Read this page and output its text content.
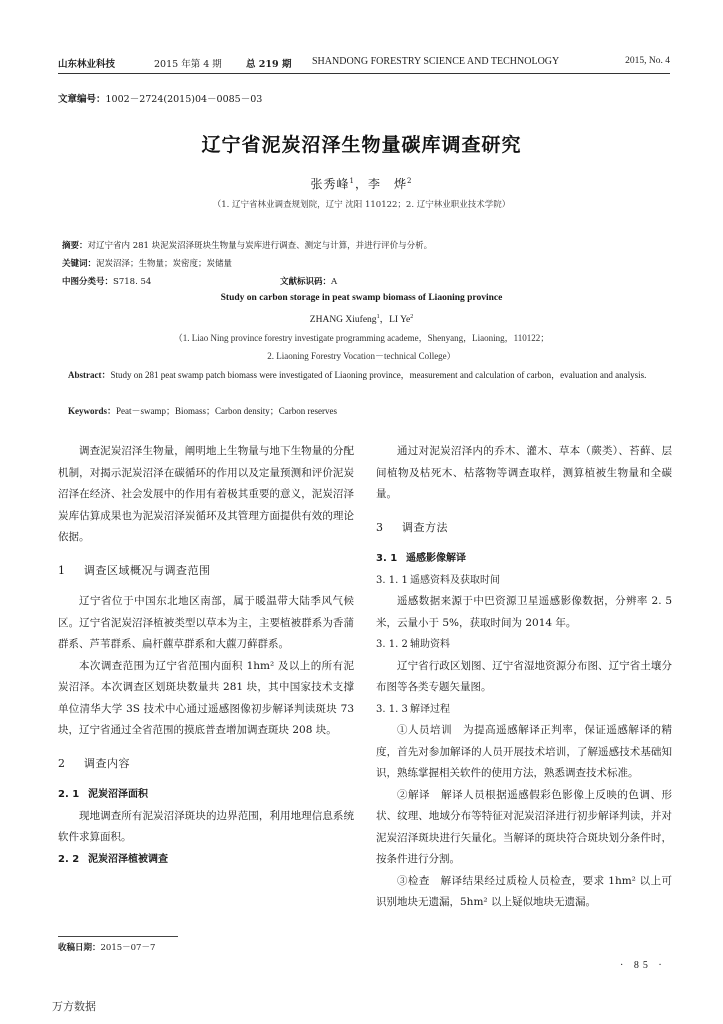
山东林业科技	2015 年第 4 期	总 219 期 SHANDONG FORESTRY SCIENCE AND TECHNOLOGY	2015, No. 4
文章编号：1002－2724(2015)04－0085－03
辽宁省泥炭沼泽生物量碳库调查研究
张秀峰$^1$，李　烨$^2$
（1. 辽宁省林业调查规划院，辽宁 沈阳 110122；2. 辽宁林业职业技术学院）
摘要：对辽宁省内 281 块泥炭沼泽斑块生物量与炭库进行调查、测定与计算，并进行评价与分析。
关键词：泥炭沼泽；生物量；炭密度；炭储量
中图分类号：S718. 54	文献标识码：A
Study on carbon storage in peat swamp biomass of Liaoning province
ZHANG Xiufeng$^1$，LI Ye$^2$
（1. Liao Ning province forestry investigate programming academe，Shenyang，Liaoning，110122；
2. Liaoning Forestry Vocation－technical College）
Abstract：Study on 281 peat swamp patch biomass were investigated of Liaoning province，measurement and calculation of carbon，evaluation and analysis.
Keywords：Peat－swamp；Biomass；Carbon density；Carbon reserves

调查泥炭沼泽生物量，阐明地上生物量与地下生物量的分配机制，对揭示泥炭沼泽在碳循环的作用以及定量预测和评价泥炭沼泽在经济、社会发展中的作用有着极其重要的意义，泥炭沼泽炭库估算成果也为泥炭沼泽炭循环及其管理方面提供有效的理论依据。

1 调查区域概况与调查范围

辽宁省位于中国东北地区南部，属于暖温带大陆季风气候区。辽宁省泥炭沼泽植被类型以草本为主，主要植被群系为香蒲群系、芦苇群系、扁杆藨草群系和大藨刀藓群系。

本次调查范围为辽宁省范围内面积 1hm² 及以上的所有泥炭沼泽。本次调查区划斑块数量共 281 块，其中国家技术支撑单位清华大学 3S 技术中心通过遥感图像初步解译判读斑块 73 块，辽宁省通过全省范围的摸底普查增加调查斑块 208 块。

2 调查内容
2. 1 泥炭沼泽面积

现地调查所有泥炭沼泽斑块的边界范围，利用地理信息系统软件求算面积。

2. 2 泥炭沼泽植被调查

通过对泥炭沼泽内的乔木、灌木、草本（蕨类）、苔藓、层间植物及枯死木、枯落物等调查取样，测算植被生物量和全碳量。

3 调查方法
3. 1 遥感影像解译
3. 1. 1 遥感资料及获取时间

遥感数据来源于中巴资源卫星遥感影像数据，分辨率 2. 5 米，云量小于 5%，获取时间为 2014 年。

3. 1. 2 辅助资料

辽宁省行政区划图、辽宁省湿地资源分布图、辽宁省土壤分布图等各类专题矢量图。

3. 1. 3 解译过程

①人员培训　为提高遥感解译正判率，保证遥感解译的精度，首先对参加解译的人员开展技术培训，了解遥感技术基础知识，熟练掌握相关软件的使用方法，熟悉调查技术标准。

②解译　解译人员根据遥感假彩色影像上反映的色调、形状、纹理、地域分布等特征对泥炭沼泽进行初步解译判读，并对泥炭沼泽斑块进行矢量化。当解译的斑块符合斑块划分条件时，按条件进行分割。

③检查　解译结果经过质检人员检查，要求 1hm² 以上可识别地块无遗漏，5hm² 以上疑似地块无遗漏。

收稿日期：2015－07－7
· 85 ·
万方数据
